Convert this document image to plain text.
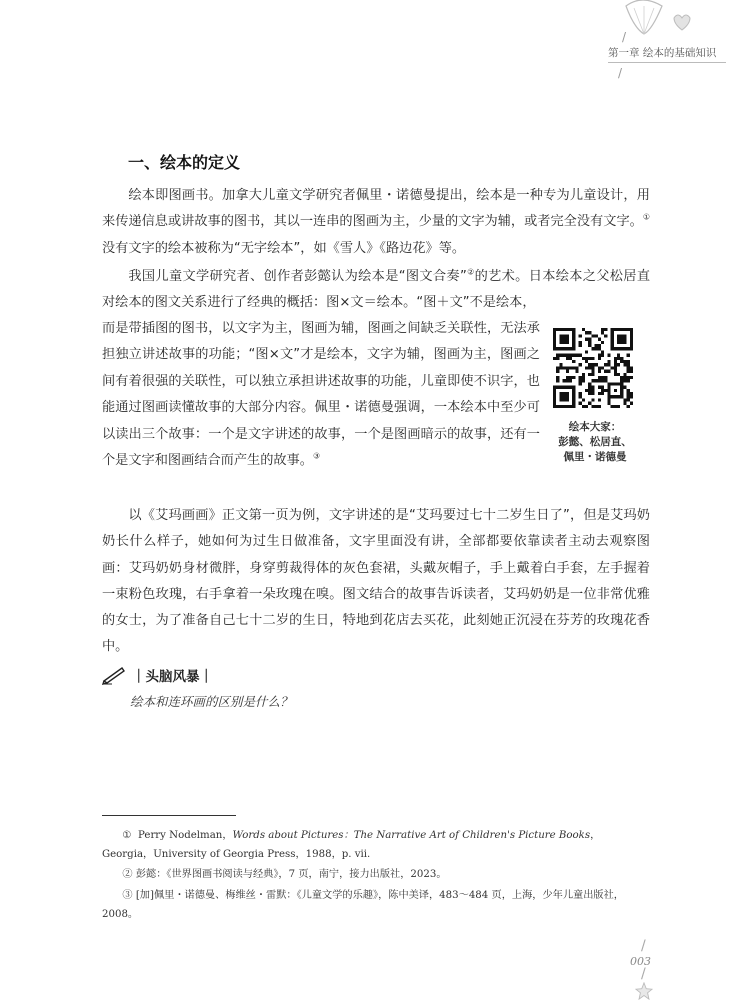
/
第一章 绘本的基础知识
/
一、绘本的定义

绘本即图画书。加拿大儿童文学研究者佩里・诺德曼提出，绘本是一种专为儿童设计，用来传递信息或讲故事的图书，其以一连串的图画为主，少量的文字为辅，或者完全没有文字。① 没有文字的绘本被称为“无字绘本”，如《雪人》《路边花》等。

我国儿童文学研究者、创作者彭懿认为绘本是“图文合奏”②的艺术。日本绘本之父松居直对绘本的图文关系进行了经典的概括：图×文＝绘本。“图＋文”不是绘本，

而是带插图的图书，以文字为主，图画为辅，图画之间缺乏关联性，无法承担独立讲述故事的功能；“图×文”才是绘本，文字为辅，图画为主，图画之间有着很强的关联性，可以独立承担讲述故事的功能，儿童即使不识字，也能通过图画读懂故事的大部分内容。佩里・诺德曼强调，一本绘本中至少可以读出三个故事：一个是文字讲述的故事，一个是图画暗示的故事，还有一个是文字和图画结合而产生的故事。③

绘本大家：
彭懿、松居直、
佩里・诺德曼

以《艾玛画画》正文第一页为例，文字讲述的是“艾玛要过七十二岁生日了”，但是艾玛奶奶长什么样子，她如何为过生日做准备，文字里面没有讲，全部都要依靠读者主动去观察图画：艾玛奶奶身材微胖，身穿剪裁得体的灰色套裙，头戴灰帽子，手上戴着白手套，左手握着一束粉色玫瑰，右手拿着一朵玫瑰在嗅。图文结合的故事告诉读者，艾玛奶奶是一位非常优雅的女士，为了准备自己七十二岁的生日，特地到花店去买花，此刻她正沉浸在芬芳的玫瑰花香中。

｜头脑风暴｜
绘本和连环画的区别是什么？

① Perry Nodelman，Words about Pictures：The Narrative Art of Children's Picture Books，Georgia，University of Georgia Press，1988，p. vii.

② 彭懿：《世界图画书阅读与经典》，7 页，南宁，接力出版社，2023。

③ [加]佩里・诺德曼、梅维丝・雷默：《儿童文学的乐趣》，陈中美译，483～484 页，上海，少年儿童出版社，2008。

/
003
/
